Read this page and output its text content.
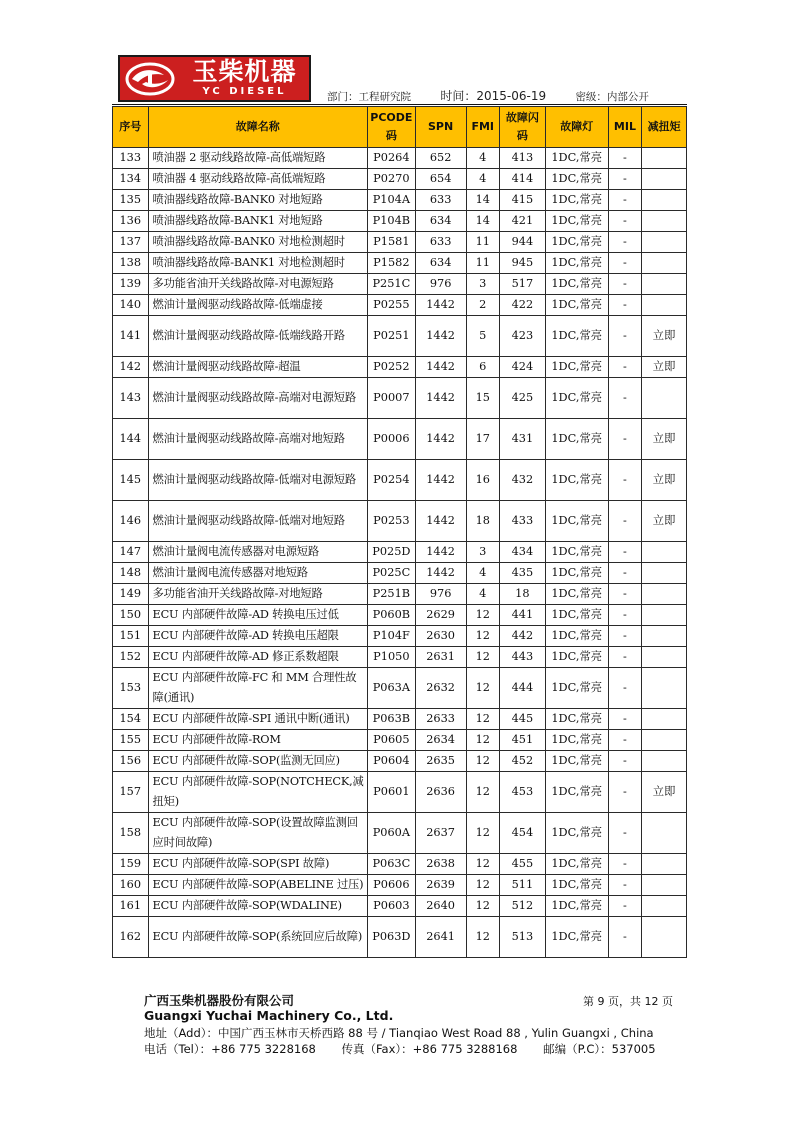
玉柴机器
YC DIESEL	部门：工程研究院 时间：2015-06-19	密级：内部公开
序号	故障名称	PCODE码	SPN	FMI	故障闪码	故障灯	MIL	减扭矩
133	喷油器 2 驱动线路故障-高低端短路	P0264	652	4	413	1DC,常亮	-	
134	喷油器 4 驱动线路故障-高低端短路	P0270	654	4	414	1DC,常亮	-	
135	喷油器线路故障-BANK0 对地短路	P104A	633	14	415	1DC,常亮	-	
136	喷油器线路故障-BANK1 对地短路	P104B	634	14	421	1DC,常亮	-	
137	喷油器线路故障-BANK0 对地检测超时	P1581	633	11	944	1DC,常亮	-	
138	喷油器线路故障-BANK1 对地检测超时	P1582	634	11	945	1DC,常亮	-	
139	多功能省油开关线路故障-对电源短路	P251C	976	3	517	1DC,常亮	-	
140	燃油计量阀驱动线路故障-低端虚接	P0255	1442	2	422	1DC,常亮	-	
141	燃油计量阀驱动线路故障-低端线路开路	P0251	1442	5	423	1DC,常亮	-	立即
142	燃油计量阀驱动线路故障-超温	P0252	1442	6	424	1DC,常亮	-	立即
143	燃油计量阀驱动线路故障-高端对电源短路	P0007	1442	15	425	1DC,常亮	-	
144	燃油计量阀驱动线路故障-高端对地短路	P0006	1442	17	431	1DC,常亮	-	立即
145	燃油计量阀驱动线路故障-低端对电源短路	P0254	1442	16	432	1DC,常亮	-	立即
146	燃油计量阀驱动线路故障-低端对地短路	P0253	1442	18	433	1DC,常亮	-	立即
147	燃油计量阀电流传感器对电源短路	P025D	1442	3	434	1DC,常亮	-	
148	燃油计量阀电流传感器对地短路	P025C	1442	4	435	1DC,常亮	-	
149	多功能省油开关线路故障-对地短路	P251B	976	4	18	1DC,常亮	-	
150	ECU 内部硬件故障-AD 转换电压过低	P060B	2629	12	441	1DC,常亮	-	
151	ECU 内部硬件故障-AD 转换电压超限	P104F	2630	12	442	1DC,常亮	-	
152	ECU 内部硬件故障-AD 修正系数超限	P1050	2631	12	443	1DC,常亮	-	
153	ECU 内部硬件故障-FC 和 MM 合理性故障(通讯)	P063A	2632	12	444	1DC,常亮	-	
154	ECU 内部硬件故障-SPI 通讯中断(通讯)	P063B	2633	12	445	1DC,常亮	-	
155	ECU 内部硬件故障-ROM	P0605	2634	12	451	1DC,常亮	-	
156	ECU 内部硬件故障-SOP(监测无回应)	P0604	2635	12	452	1DC,常亮	-	
157	ECU 内部硬件故障-SOP(NOTCHECK,减扭矩)	P0601	2636	12	453	1DC,常亮	-	立即
158	ECU 内部硬件故障-SOP(设置故障监测回应时间故障)	P060A	2637	12	454	1DC,常亮	-	
159	ECU 内部硬件故障-SOP(SPI 故障)	P063C	2638	12	455	1DC,常亮	-	
160	ECU 内部硬件故障-SOP(ABELINE 过压)	P0606	2639	12	511	1DC,常亮	-	
161	ECU 内部硬件故障-SOP(WDALINE)	P0603	2640	12	512	1DC,常亮	-	
162	ECU 内部硬件故障-SOP(系统回应后故障)	P063D	2641	12	513	1DC,常亮	-	
广西玉柴机器股份有限公司	第 9 页，共 12 页
Guangxi Yuchai Machinery Co., Ltd.
地址（Add）：中国广西玉林市天桥西路 88 号 / Tianqiao West Road 88 , Yulin Guangxi , China
电话（Tel）：+86 775 3228168 传真（Fax）：+86 775 3288168 邮编（P.C）：537005
